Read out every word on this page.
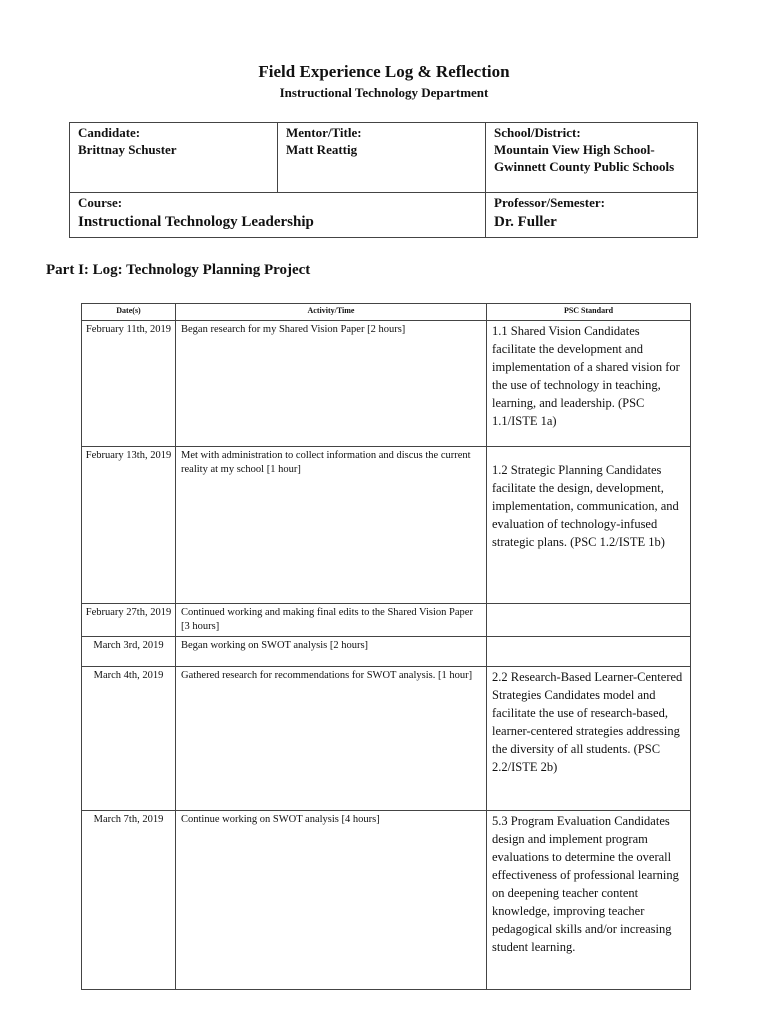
Field Experience Log & Reflection
Instructional Technology Department
Candidate:
Brittnay Schuster	Mentor/Title:
Matt Reattig	School/District:
Mountain View High School-Gwinnett County Public Schools

Course:
Instructional Technology Leadership		Professor/Semester:
Dr. Fuller
Part I: Log: Technology Planning Project
Date(s)	Activity/Time	PSC Standard
February 11th, 2019	Began research for my Shared Vision Paper [2 hours]	1.1 Shared Vision Candidates facilitate the development and implementation of a shared vision for the use of technology in teaching, learning, and leadership. (PSC 1.1/ISTE 1a)
February 13th, 2019	Met with administration to collect information and discus the current reality at my school [1 hour]	1.2 Strategic Planning Candidates facilitate the design, development, implementation, communication, and evaluation of technology-infused strategic plans. (PSC 1.2/ISTE 1b)
February 27th, 2019	Continued working and making final edits to the Shared Vision Paper [3 hours]	
March 3rd, 2019	Began working on SWOT analysis [2 hours]	
March 4th, 2019	Gathered research for recommendations for SWOT analysis. [1 hour]	2.2 Research-Based Learner-Centered Strategies Candidates model and facilitate the use of research-based, learner-centered strategies addressing the diversity of all students. (PSC 2.2/ISTE 2b)
March 7th, 2019	Continue working on SWOT analysis [4 hours]	5.3 Program Evaluation Candidates design and implement program evaluations to determine the overall effectiveness of professional learning on deepening teacher content knowledge, improving teacher pedagogical skills and/or increasing student learning.
